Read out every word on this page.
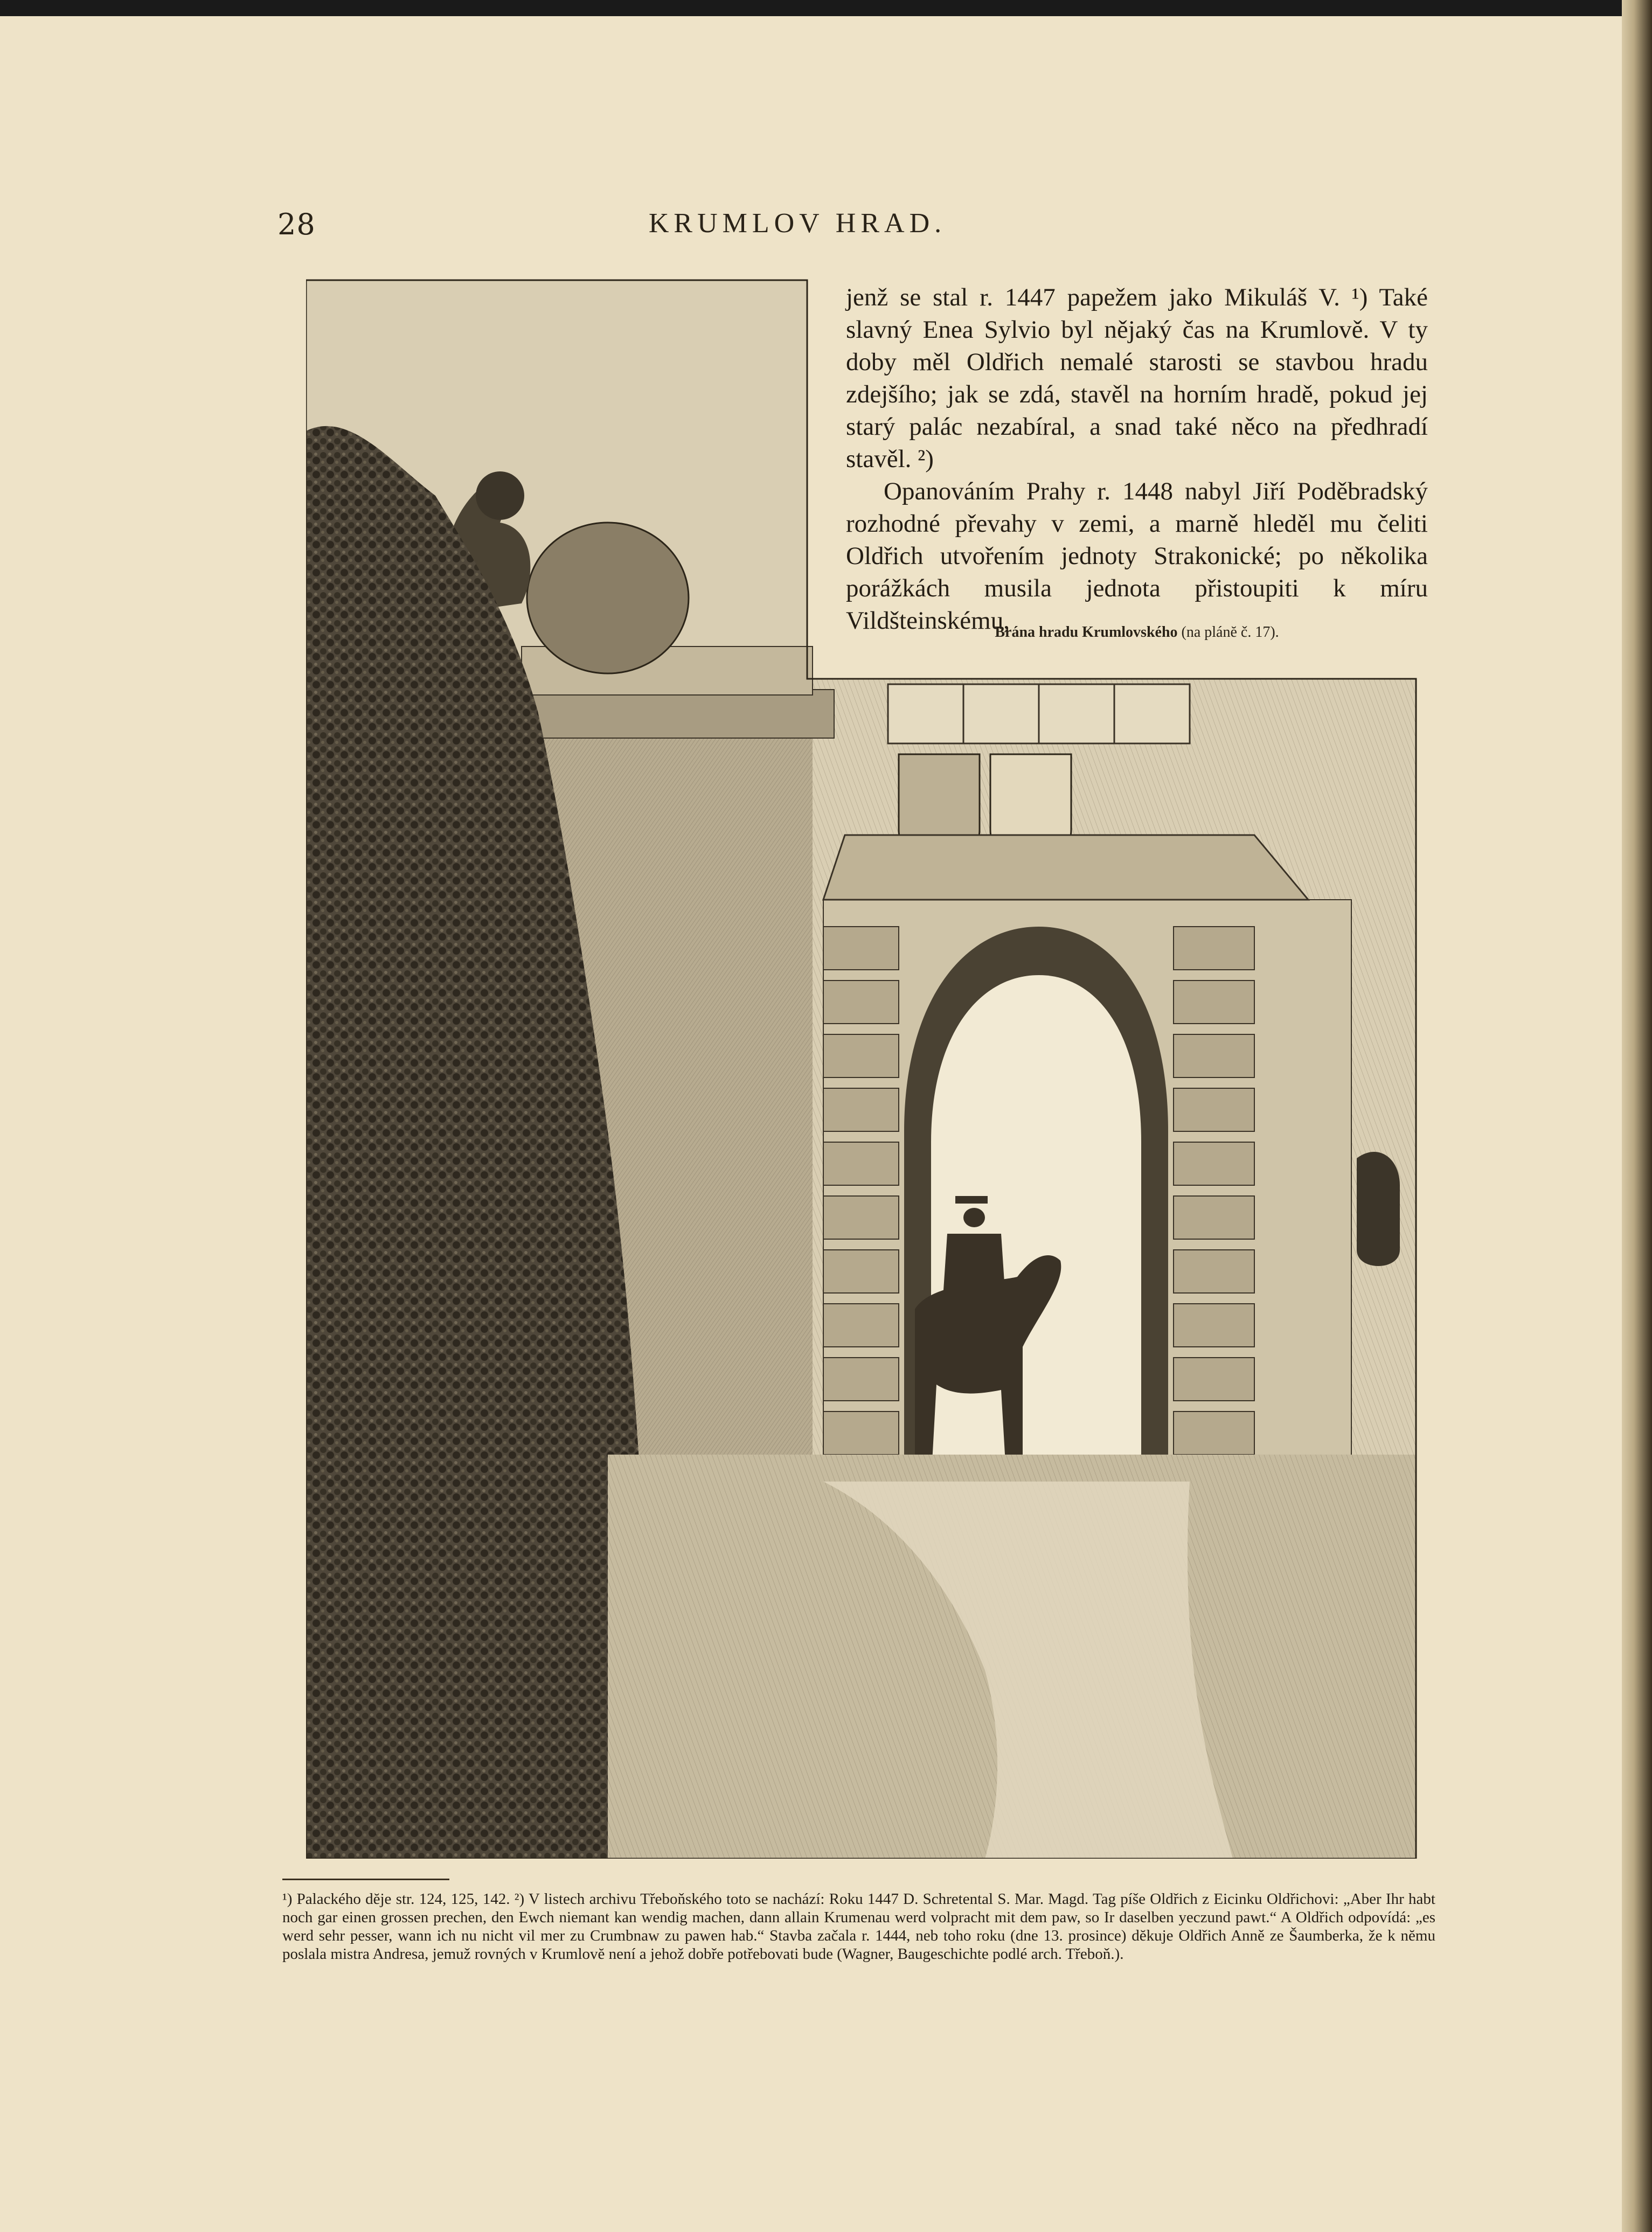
28	KRUMLOV HRAD.

jenž se stal r. 1447 papežem jako Mikuláš V. ¹) Také slavný Enea Sylvio byl nějaký čas na Krumlově. V ty doby měl Oldřich nemalé starosti se stavbou hradu zdejšího; jak se zdá, stavěl na horním hradě, pokud jej starý palác nezabíral, a snad také něco na předhradí stavěl. ²)

Opanováním Prahy r. 1448 nabyl Jiří Poděbradský rozhodné převahy v zemi, a marně hleděl mu čeliti Oldřich utvořením jednoty Strakonické; po několika porážkách musila jednota přistoupiti k míru Vildšteinskému,

Brána hradu Krumlovského (na plánĕ č. 17).

¹) Palackého dĕje str. 124, 125, 142. ²) V listech archivu Třeboňského toto se nachází: Roku 1447 D. Schretental S. Mar. Magd. Tag píše Oldřich z Eicinku Oldřichovi: „Aber Ihr habt noch gar einen grossen prechen, den Ewch niemant kan wendig machen, dann allain Krumenau werd volpracht mit dem paw, so Ir daselben yeczund pawt.“ A Oldřich odpovídá: „es werd sehr pesser, wann ich nu nicht vil mer zu Crumbnaw zu pawen hab.“ Stavba začala r. 1444, neb toho roku (dne 13. prosince) dĕkuje Oldřich Anně ze Šaumberka, že k nĕmu poslala mistra Andresa, jemuž rovných v Krumlovĕ není a jehož dobře potřebovati bude (Wagner, Baugeschichte podlé arch. Třeboň.).
